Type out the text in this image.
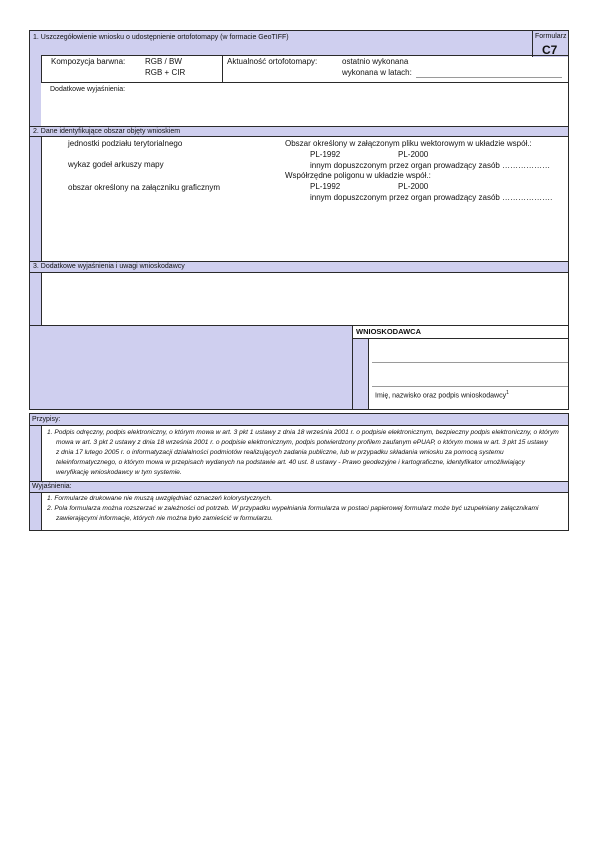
1. Uszczegółowienie wniosku o udostępnienie ortofotomapy (w formacie GeoTIFF)	Formularz
C7
Kompozycja barwna: RGB / BW
RGB + CIR
Aktualność ortofotomapy:	ostatnio wykonana
wykonana w latach:
Dodatkowe wyjaśnienia:
2. Dane identyfikujące obszar objęty wnioskiem
jednostki podziału terytorialnego
wykaz godeł arkuszy mapy
obszar określony na załączniku graficznym
Obszar określony w załączonym pliku wektorowym w układzie współ.:
PL-1992	PL-2000
innym dopuszczonym przez organ prowadzący zasób ………………
Współrzędne poligonu w układzie współ.:
PL-1992	PL-2000
innym dopuszczonym przez organ prowadzący zasób ……………….
3. Dodatkowe wyjaśnienia i uwagi wnioskodawcy
WNIOSKODAWCA
Imię, nazwisko oraz podpis wnioskodawcy$^1$
Przypisy:
1. Podpis odręczny, podpis elektroniczny, o którym mowa w art. 3 pkt 1 ustawy z dnia 18 września 2001 r. o podpisie elektronicznym, bezpieczny podpis elektroniczny, o którym
mowa w art. 3 pkt 2 ustawy z dnia 18 września 2001 r. o podpisie elektronicznym, podpis potwierdzony profilem zaufanym ePUAP, o którym mowa w art. 3 pkt 15 ustawy
z dnia 17 lutego 2005 r. o informatyzacji działalności podmiotów realizujących zadania publiczne, lub w przypadku składania wniosku za pomocą systemu
teleinformatycznego, o którym mowa w przepisach wydanych na podstawie art. 40 ust. 8 ustawy - Prawo geodezyjne i kartograficzne, identyfikator umożliwiający
weryfikację wnioskodawcy w tym systemie.
Wyjaśnienia:
1. Formularze drukowane nie muszą uwzględniać oznaczeń kolorystycznych.
2. Pola formularza można rozszerzać w zależności od potrzeb. W przypadku wypełniania formularza w postaci papierowej formularz może być uzupełniany załącznikami
zawierającymi informacje, których nie można było zamieścić w formularzu.
